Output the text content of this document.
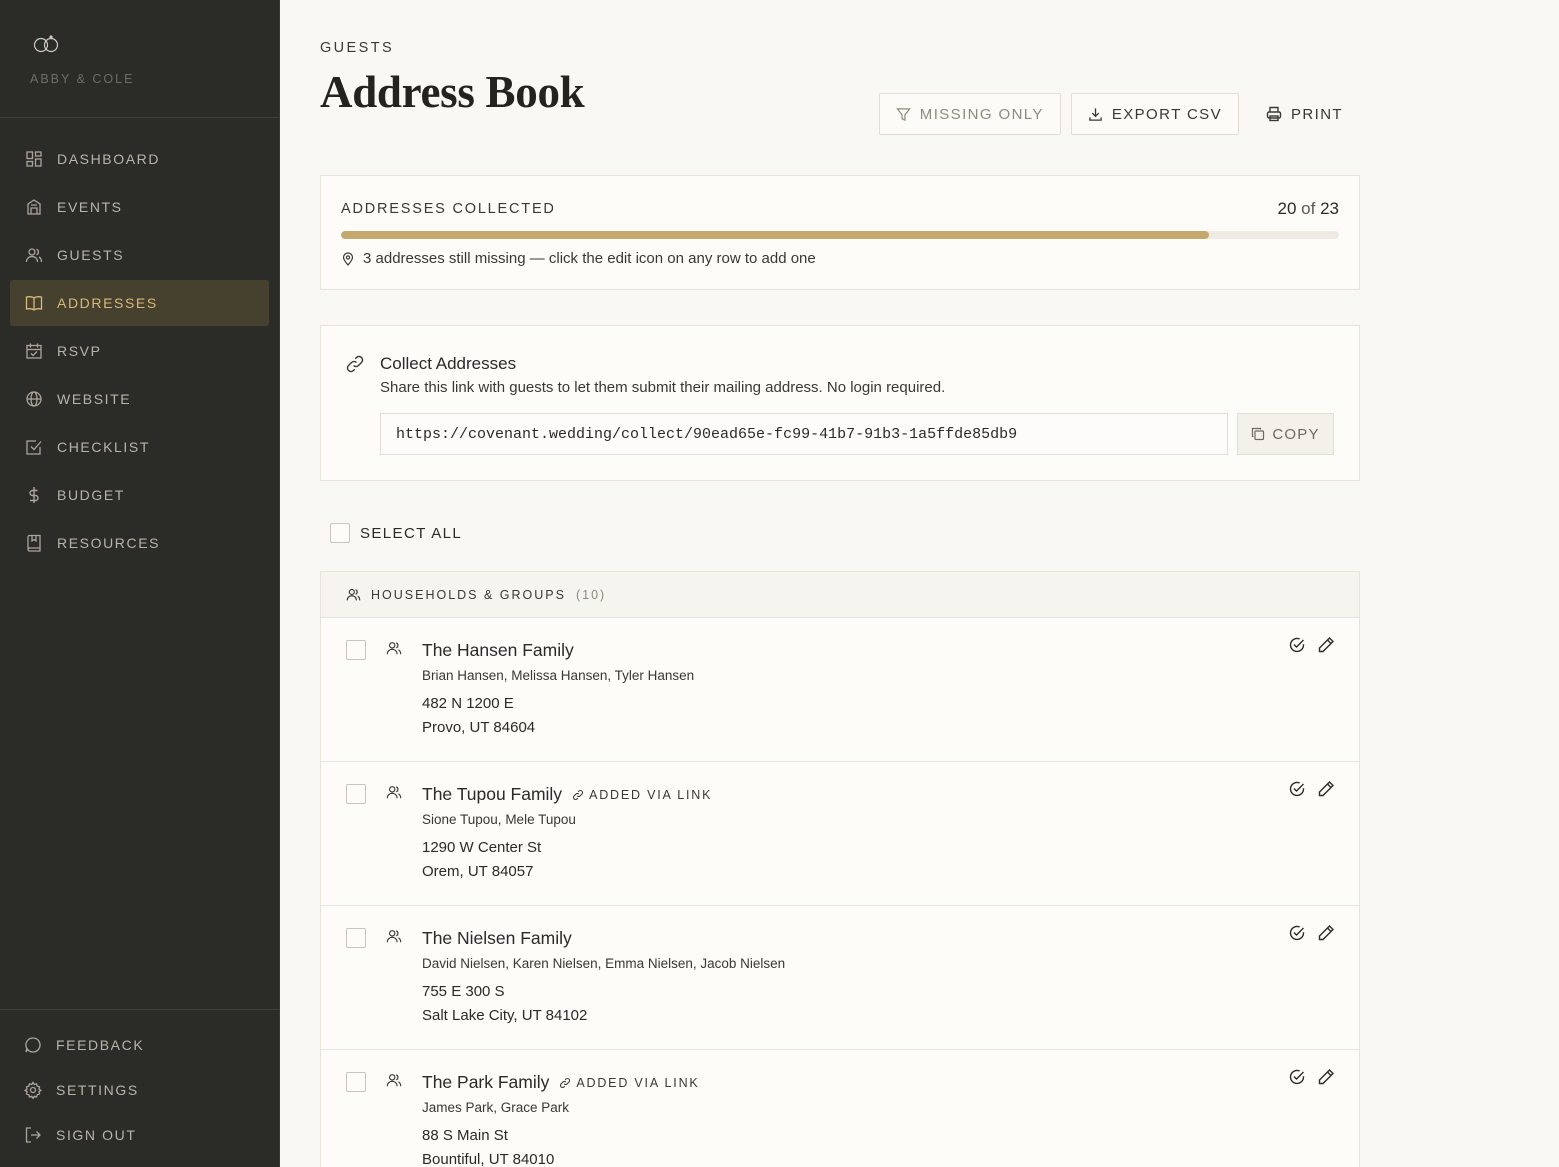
ABBY & COLE
DASHBOARD
EVENTS
GUESTS
ADDRESSES
RSVP
WEBSITE
CHECKLIST
BUDGET
RESOURCES
FEEDBACK
SETTINGS
SIGN OUT
GUESTS
Address Book	MISSING ONLY	EXPORT CSV	PRINT
ADDRESSES COLLECTED	20 of 23
3 addresses still missing — click the edit icon on any row to add one
Collect Addresses
Share this link with guests to let them submit their mailing address. No login required.
https://covenant.wedding/collect/90ead65e-fc99-41b7-91b3-1a5ffde85db9	COPY
SELECT ALL
HOUSEHOLDS & GROUPS (10)
The Hansen Family
Brian Hansen, Melissa Hansen, Tyler Hansen
482 N 1200 E
Provo, UT 84604
The Tupou Family ADDED VIA LINK
Sione Tupou, Mele Tupou
1290 W Center St
Orem, UT 84057
The Nielsen Family
David Nielsen, Karen Nielsen, Emma Nielsen, Jacob Nielsen
755 E 300 S
Salt Lake City, UT 84102
The Park Family ADDED VIA LINK
James Park, Grace Park
88 S Main St
Bountiful, UT 84010
